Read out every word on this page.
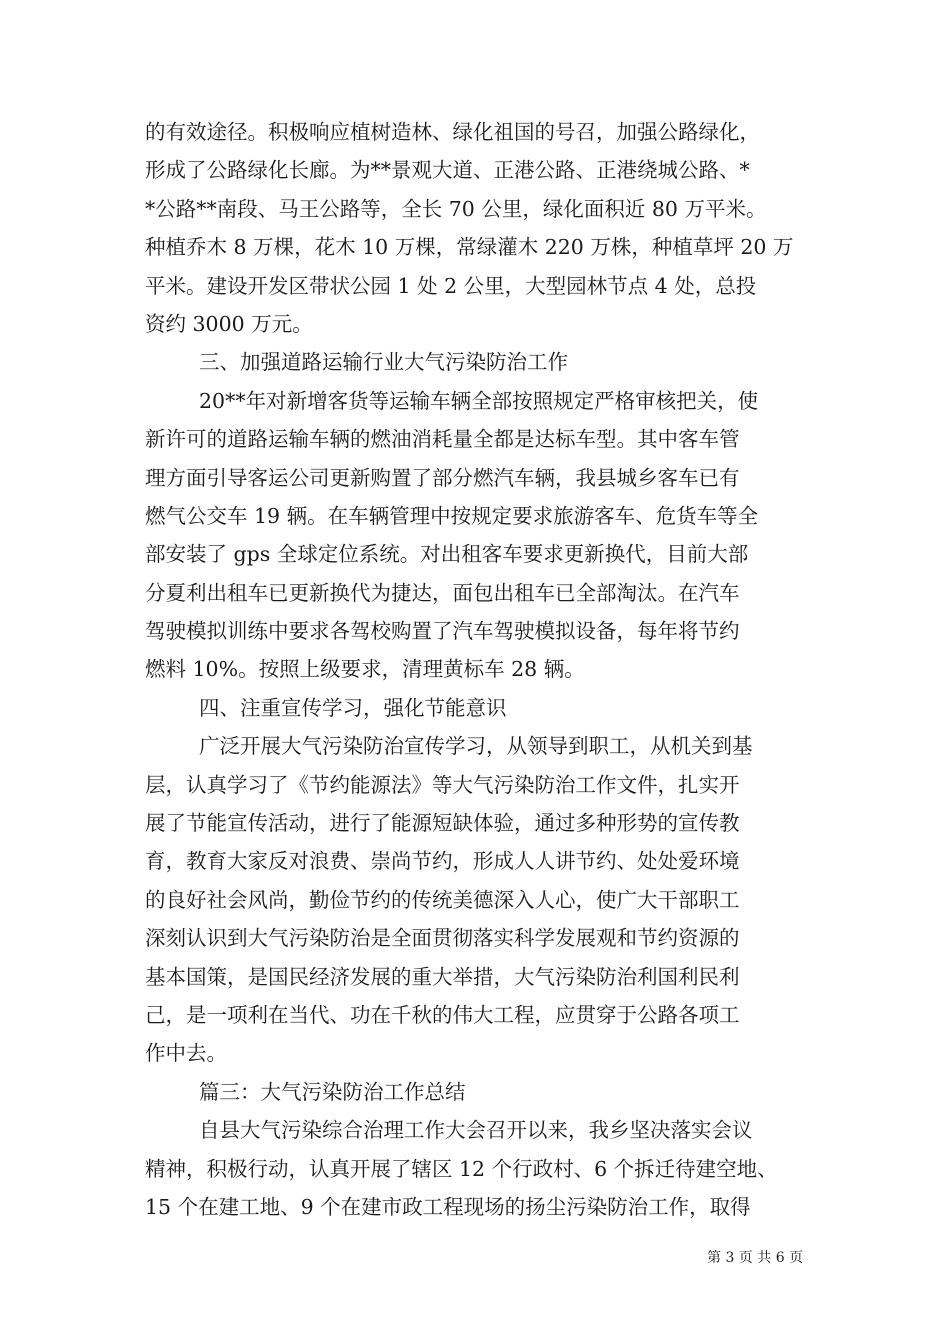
的有效途径。积极响应植树造林、绿化祖国的号召，加强公路绿化，
形成了公路绿化长廊。为**景观大道、正港公路、正港绕城公路、*
*公路**南段、马王公路等，全长 70 公里，绿化面积近 80 万平米。
种植乔木 8 万棵，花木 10 万棵，常绿灌木 220 万株，种植草坪 20 万
平米。建设开发区带状公园 1 处 2 公里，大型园林节点 4 处，总投
资约 3000 万元。
三、加强道路运输行业大气污染防治工作
20**年对新增客货等运输车辆全部按照规定严格审核把关，使
新许可的道路运输车辆的燃油消耗量全都是达标车型。其中客车管
理方面引导客运公司更新购置了部分燃汽车辆，我县城乡客车已有
燃气公交车 19 辆。在车辆管理中按规定要求旅游客车、危货车等全
部安装了 gps 全球定位系统。对出租客车要求更新换代，目前大部
分夏利出租车已更新换代为捷达，面包出租车已全部淘汰。在汽车
驾驶模拟训练中要求各驾校购置了汽车驾驶模拟设备，每年将节约
燃料 10%。按照上级要求，清理黄标车 28 辆。
四、注重宣传学习，强化节能意识
广泛开展大气污染防治宣传学习，从领导到职工，从机关到基
层，认真学习了《节约能源法》等大气污染防治工作文件，扎实开
展了节能宣传活动，进行了能源短缺体验，通过多种形势的宣传教
育，教育大家反对浪费、崇尚节约，形成人人讲节约、处处爱环境
的良好社会风尚，勤俭节约的传统美德深入人心，使广大干部职工
深刻认识到大气污染防治是全面贯彻落实科学发展观和节约资源的
基本国策，是国民经济发展的重大举措，大气污染防治利国利民利
己，是一项利在当代、功在千秋的伟大工程，应贯穿于公路各项工
作中去。
篇三：大气污染防治工作总结
自县大气污染综合治理工作大会召开以来，我乡坚决落实会议
精神，积极行动，认真开展了辖区 12 个行政村、6 个拆迁待建空地、
15 个在建工地、9 个在建市政工程现场的扬尘污染防治工作，取得
第 3 页 共 6 页
